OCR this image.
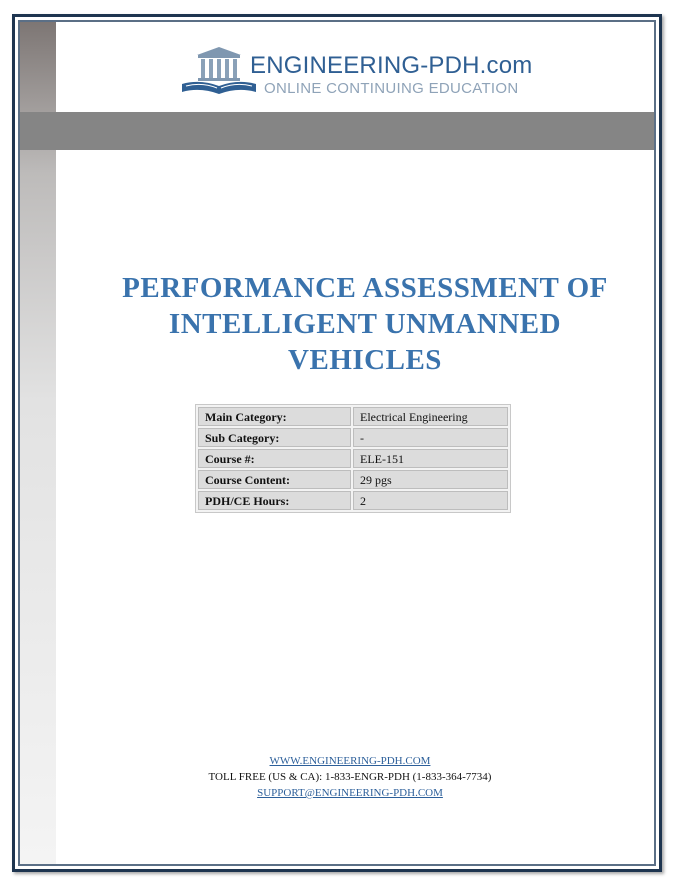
ENGINEERING-PDH.com
ONLINE CONTINUING EDUCATION
PERFORMANCE ASSESSMENT OF
INTELLIGENT UNMANNED
VEHICLES
Main Category:	Electrical Engineering
Sub Category:	-
Course #:	ELE-151
Course Content:	29 pgs
PDH/CE Hours:	2
WWW.ENGINEERING-PDH.COM
TOLL FREE (US & CA): 1-833-ENGR-PDH (1-833-364-7734)
SUPPORT@ENGINEERING-PDH.COM
